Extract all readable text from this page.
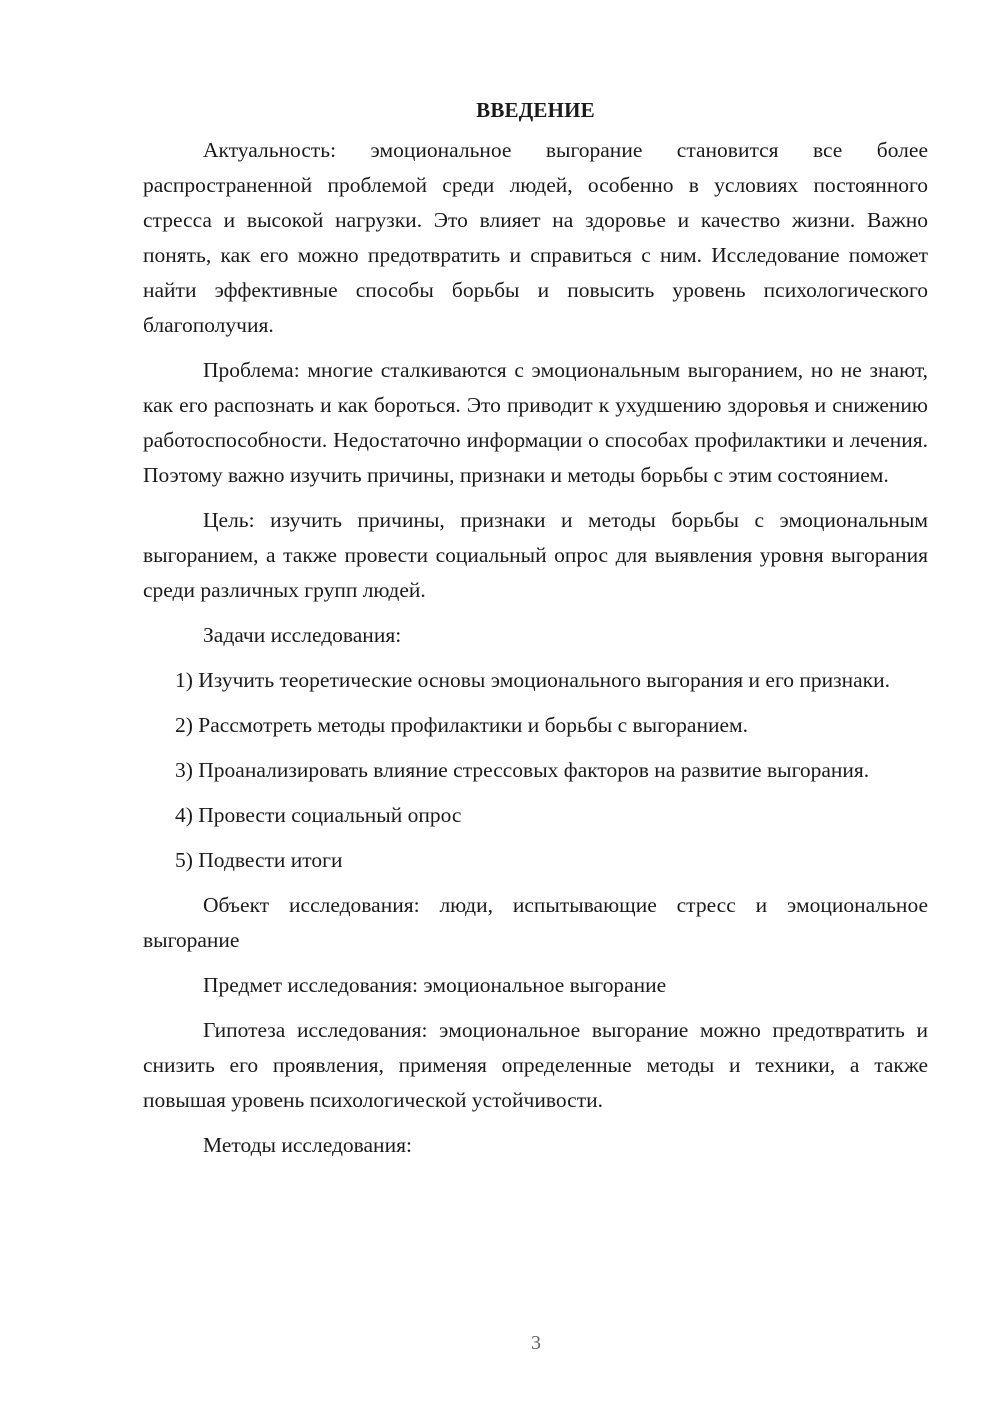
ВВЕДЕНИЕ

Актуальность: эмоциональное выгорание становится все более распространенной проблемой среди людей, особенно в условиях постоянного стресса и высокой нагрузки. Это влияет на здоровье и качество жизни. Важно понять, как его можно предотвратить и справиться с ним. Исследование поможет найти эффективные способы борьбы и повысить уровень психологического благополучия.

Проблема: многие сталкиваются с эмоциональным выгоранием, но не знают, как его распознать и как бороться. Это приводит к ухудшению здоровья и снижению работоспособности. Недостаточно информации о способах профилактики и лечения. Поэтому важно изучить причины, признаки и методы борьбы с этим состоянием.

Цель: изучить причины, признаки и методы борьбы с эмоциональным выгоранием, а также провести социальный опрос для выявления уровня выгорания среди различных групп людей.

Задачи исследования:

1) Изучить теоретические основы эмоционального выгорания и его признаки.

2) Рассмотреть методы профилактики и борьбы с выгоранием.

3) Проанализировать влияние стрессовых факторов на развитие выгорания.

4) Провести социальный опрос

5) Подвести итоги

Объект исследования: люди, испытывающие стресс и эмоциональное выгорание

Предмет исследования: эмоциональное выгорание

Гипотеза исследования: эмоциональное выгорание можно предотвратить и снизить его проявления, применяя определенные методы и техники, а также повышая уровень психологической устойчивости.

Методы исследования:

3
